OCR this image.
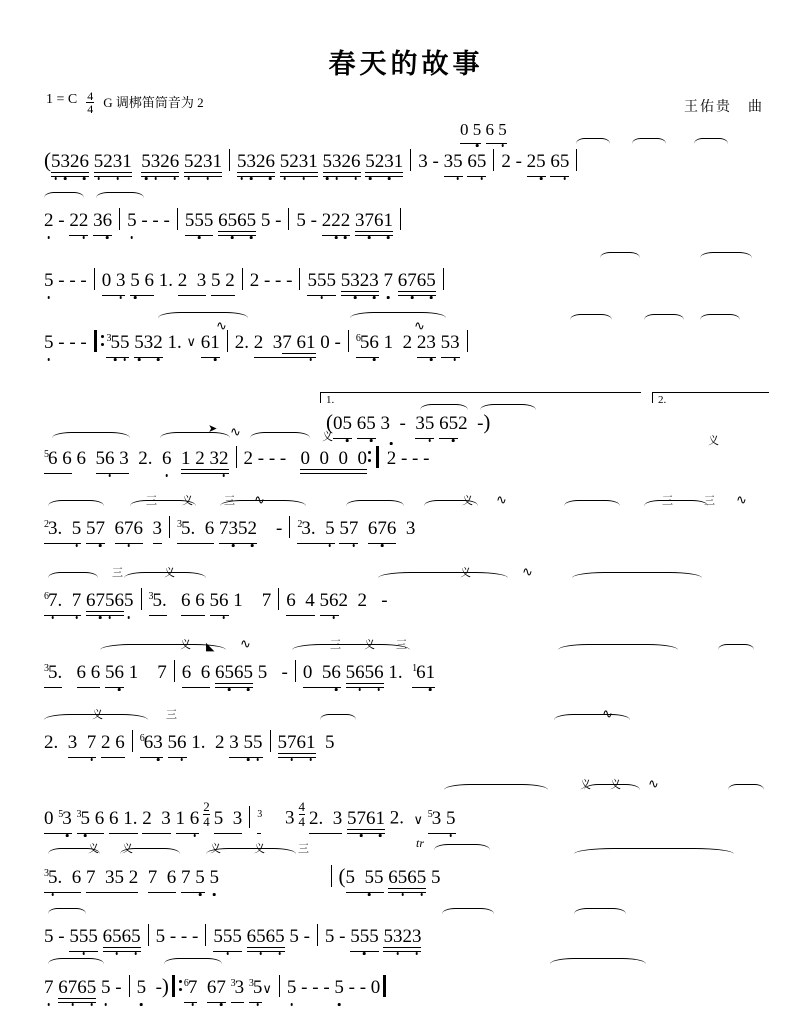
春天的故事
1 = C $\frac{4}{4}$ G 调梆笛筒音为 2	王佑贵　曲
(5326 5231 5326 5231 5326 5231 5326 5231 3 - 35 65 2 - 25 65
0 5 6 5
2 - 22 36 5 - - - 555 6565 5 - 5 - 222 3761
5 - - - 0 3 5 6 1. 2  3 5 2 2 - - - 555 5323 7 6765
5 - - - 3 55 532 1. ∨ 61 2. 2  37 61 0 - 6 56 1  2 23 53
∿	∿
1.	2.
(05 65 3  -  35 652  -)
5 6 6 6  56 3  2.  6 1 2 32 2 - - -   0  0  0  0 2 - - -
➤ ∿	义	义
2 3.  5 57 676 3 3 5.  6 7352    - 2 3.  5 57 676  3
三 义	三	义	三	三
∿	∿	∿
6 7.  7 67565 3 5. 6 6 56 1    7 6  4 562  2   -
三	义	义	∿
3 5. 6 6 56 1    7 6  6 6565 5   - 0  56 5656 1. 1 61
义	三 义 三
∿
◣
2.  3  7 2 6 6 63 56 1.  2 3 55 5761  5
义	三	∿
0 5 3 3 5 6 6 1. 2  3 1 $6 \frac{2}{4} 5$  3 3 $3 \frac{4}{4} 2$.  3 5761 2.  ∨ 5 3 5
义 义 ∿
3 5.  6 7  35 2 7  6 7 5 5	(5  55 6565 5
tr
义 义	义	义	三
5 - 555 6565 5 - - - 555 6565 5 - 5 - 555 5323
7 6765 5 - 5  -) 6 7 67 3 3 3 5∨ 5 - - - 5 - - 0
